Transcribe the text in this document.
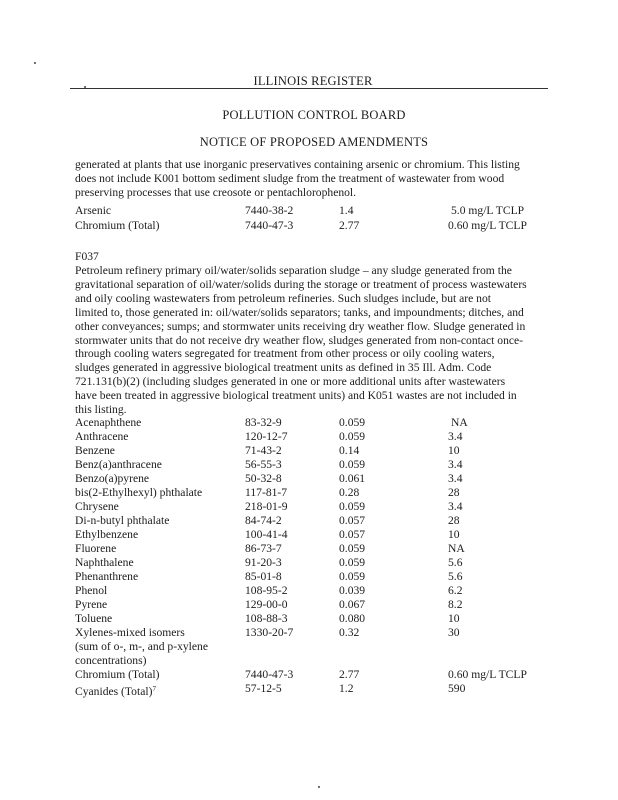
ILLINOIS REGISTER
POLLUTION CONTROL BOARD
NOTICE OF PROPOSED AMENDMENTS
generated at plants that use inorganic preservatives containing arsenic or chromium. This listing
does not include K001 bottom sediment sludge from the treatment of wastewater from wood
preserving processes that use creosote or pentachlorophenol.
Arsenic	7440-38-2	1.4	5.0 mg/L TCLP
Chromium (Total)	7440-47-3	2.77	0.60 mg/L TCLP
F037
Petroleum refinery primary oil/water/solids separation sludge – any sludge generated from the
gravitational separation of oil/water/solids during the storage or treatment of process wastewaters
and oily cooling wastewaters from petroleum refineries. Such sludges include, but are not
limited to, those generated in: oil/water/solids separators; tanks, and impoundments; ditches, and
other conveyances; sumps; and stormwater units receiving dry weather flow. Sludge generated in
stormwater units that do not receive dry weather flow, sludges generated from non-contact once-
through cooling waters segregated for treatment from other process or oily cooling waters,
sludges generated in aggressive biological treatment units as defined in 35 Ill. Adm. Code
721.131(b)(2) (including sludges generated in one or more additional units after wastewaters
have been treated in aggressive biological treatment units) and K051 wastes are not included in
this listing.
Acenaphthene	83-32-9	0.059	NA
Anthracene	120-12-7	0.059	3.4
Benzene	71-43-2	0.14	10
Benz(a)anthracene	56-55-3	0.059	3.4
Benzo(a)pyrene	50-32-8	0.061	3.4
bis(2-Ethylhexyl) phthalate	117-81-7	0.28	28
Chrysene	218-01-9	0.059	3.4
Di-n-butyl phthalate	84-74-2	0.057	28
Ethylbenzene	100-41-4	0.057	10
Fluorene	86-73-7	0.059	NA
Naphthalene	91-20-3	0.059	5.6
Phenanthrene	85-01-8	0.059	5.6
Phenol	108-95-2	0.039	6.2
Pyrene	129-00-0	0.067	8.2
Toluene	108-88-3	0.080	10
Xylenes-mixed isomers	1330-20-7	0.32	30
(sum of o-, m-, and p-xylene
concentrations)
Chromium (Total)	7440-47-3	2.77	0.60 mg/L TCLP
Cyanides (Total)$^7$	57-12-5	1.2	590
